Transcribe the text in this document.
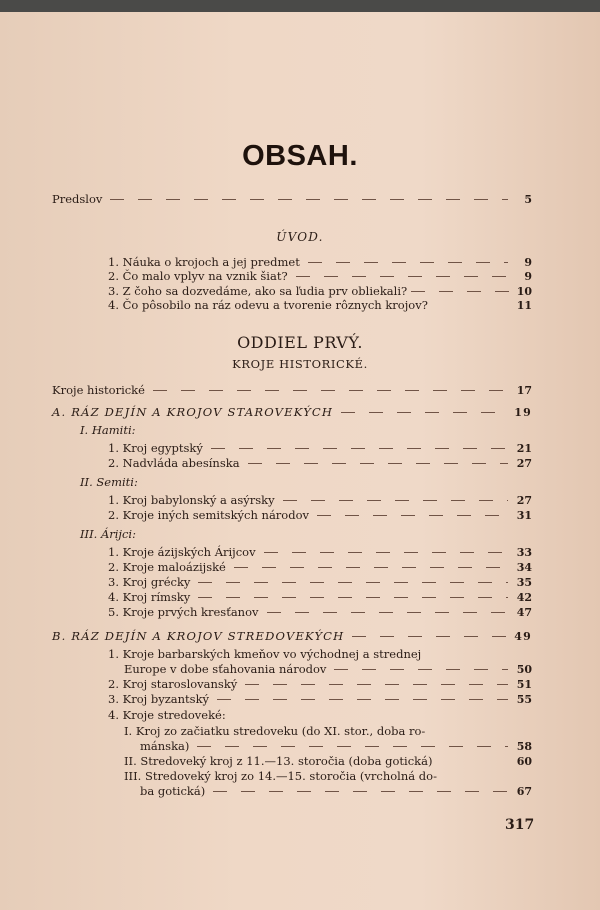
OBSAH.
Predslov	5
ÚVOD.
1. Náuka o krojoch a jej predmet	9
2. Čo malo vplyv na vznik šiat?	9
3. Z čoho sa dozvedáme, ako sa ľudia prv obliekali?	10
4. Čo pôsobilo na ráz odevu a tvorenie rôznych krojov?	11
ODDIEL PRVÝ.
KROJE HISTORICKÉ.
Kroje historické	17
A. RÁZ DEJÍN A KROJOV STAROVEKÝCH	19
I. Hamiti:
1. Kroj egyptský	21
2. Nadvláda abesínska	27
II. Semiti:
1. Kroj babylonský a asýrsky	27
2. Kroje iných semitských národov	31
III. Árijci:
1. Kroje ázijských Árijcov	33
2. Kroje maloázijské	34
3. Kroj grécky	35
4. Kroj rímsky	42
5. Kroje prvých kresťanov	47
B. RÁZ DEJÍN A KROJOV STREDOVEKÝCH	49
1. Kroje barbarských kmeňov vo východnej a strednej
Europe v dobe sťahovania národov	50
2. Kroj staroslovanský	51
3. Kroj byzantský	55
4. Kroje stredoveké:
I. Kroj zo začiatku stredoveku (do XI. stor., doba ro-
mánska)	58
II. Stredoveký kroj z 11.—13. storočia (doba gotická)	60
III. Stredoveký kroj zo 14.—15. storočia (vrcholná do-
ba gotická)	67
317
